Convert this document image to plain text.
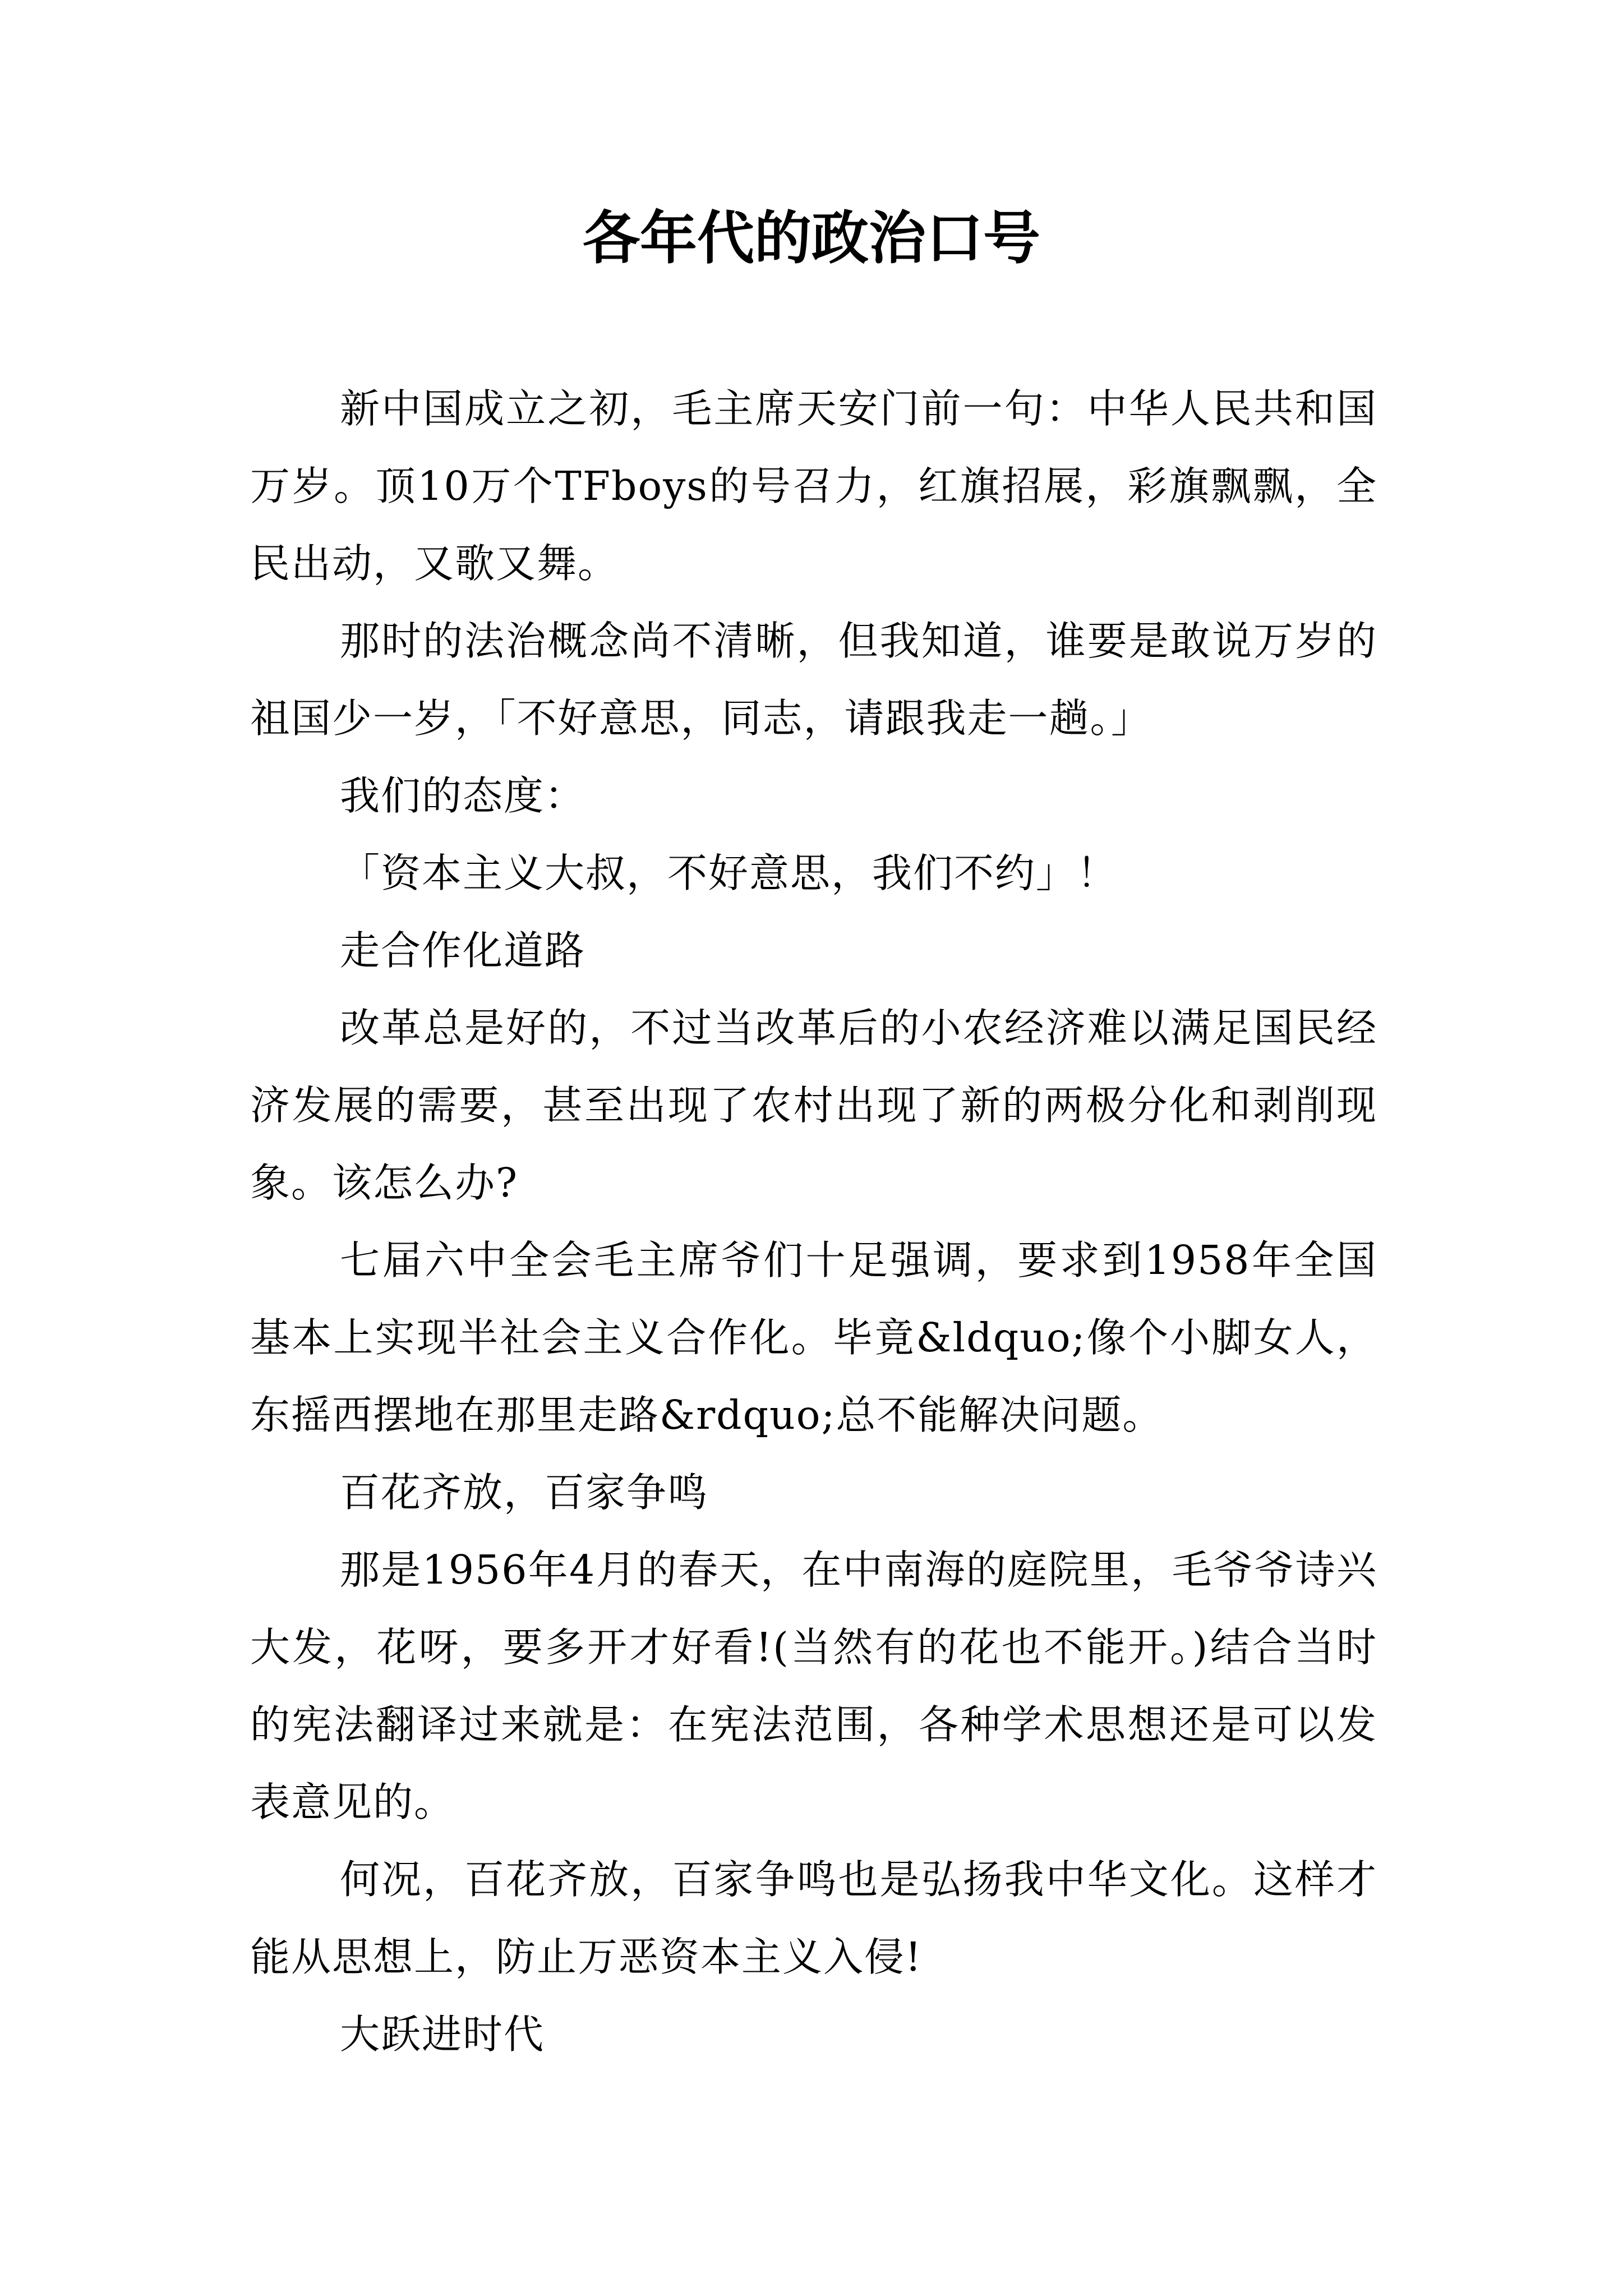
各年代的政治口号

新中国成立之初，毛主席天安门前一句：中华人民共和国万岁。顶10万个TFboys的号召力，红旗招展，彩旗飘飘，全民出动，又歌又舞。

那时的法治概念尚不清晰，但我知道，谁要是敢说万岁的祖国少一岁，「不好意思，同志，请跟我走一趟。」

我们的态度：

「资本主义大叔，不好意思，我们不约」！

走合作化道路

改革总是好的，不过当改革后的小农经济难以满足国民经济发展的需要，甚至出现了农村出现了新的两极分化和剥削现象。该怎么办?

七届六中全会毛主席爷们十足强调，要求到1958年全国基本上实现半社会主义合作化。毕竟&ldquo;像个小脚女人，东摇西摆地在那里走路&rdquo;总不能解决问题。

百花齐放，百家争鸣

那是1956年4月的春天，在中南海的庭院里，毛爷爷诗兴大发，花呀，要多开才好看!(当然有的花也不能开。)结合当时的宪法翻译过来就是：在宪法范围，各种学术思想还是可以发表意见的。

何况，百花齐放，百家争鸣也是弘扬我中华文化。这样才能从思想上，防止万恶资本主义入侵!

大跃进时代
